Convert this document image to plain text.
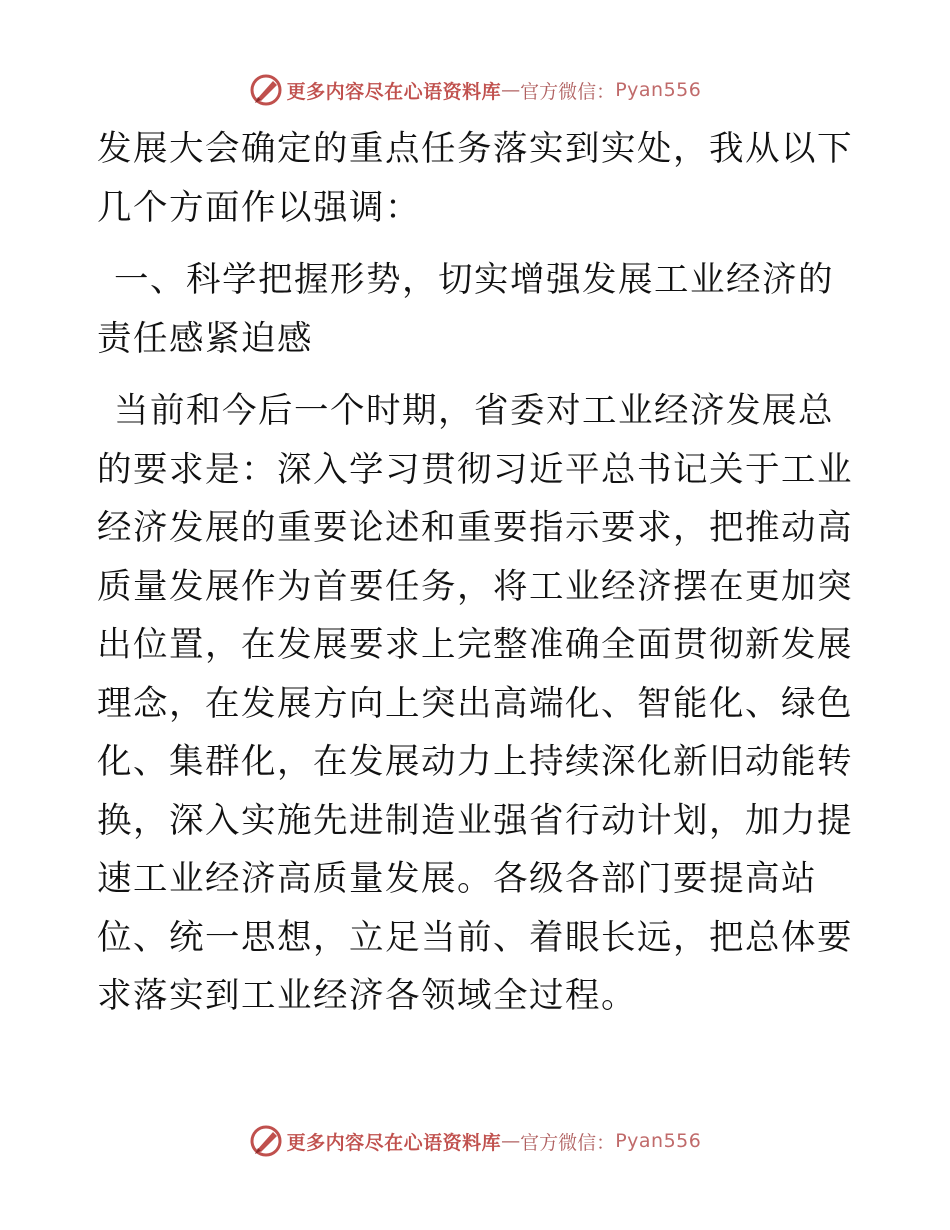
更多内容尽在心语资料库 — 官方微信： Pyan556

发展大会确定的重点任务落实到实处，我从以下几个方面作以强调：

一、科学把握形势，切实增强发展工业经济的责任感紧迫感

当前和今后一个时期，省委对工业经济发展总的要求是：深入学习贯彻习近平总书记关于工业经济发展的重要论述和重要指示要求，把推动高质量发展作为首要任务，将工业经济摆在更加突出位置，在发展要求上完整准确全面贯彻新发展理念，在发展方向上突出高端化、智能化、绿色化、集群化，在发展动力上持续深化新旧动能转换，深入实施先进制造业强省行动计划，加力提速工业经济高质量发展。各级各部门要提高站位、统一思想，立足当前、着眼长远，把总体要求落实到工业经济各领域全过程。

更多内容尽在心语资料库 — 官方微信： Pyan556
